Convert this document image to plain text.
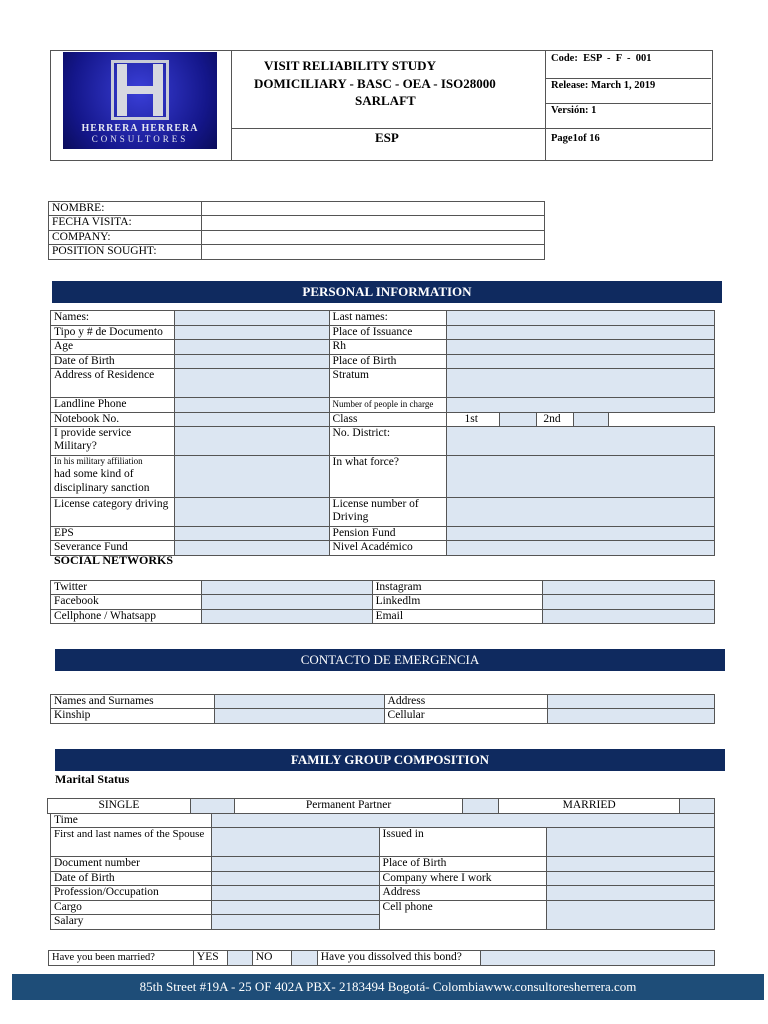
HERRERA HERRERA
CONSULTORES
VISIT RELIABILITY STUDY
DOMICILIARY - BASC - OEA - ISO28000
SARLAFT
ESP
Code:  ESP  -  F  -  001
Release: March 1, 2019
Versión: 1
Page1of 16
NOMBRE:	
FECHA VISITA:	
COMPANY:	
POSITION SOUGHT:	
PERSONAL INFORMATION
Names:		Last names:					
Tipo y # de Documento		Place of Issuance					
Age		Rh					
Date of Birth		Place of Birth					
Address of Residence		Stratum					
Landline Phone		Number of people in charge					
Notebook No.		Class	1st		2nd		
I provide service Military?		No. District:					

In his military affiliation
had some kind of disciplinary sanction		In what force?					
License category driving		License number of Driving					
EPS		Pension Fund					
Severance Fund		Nivel Académico					
SOCIAL NETWORKS
Twitter		Instagram	
Facebook		Linkedlm	
Cellphone / Whatsapp		Email	
CONTACTO DE EMERGENCIA
Names and Surnames		Address	
Kinship		Cellular	
FAMILY GROUP COMPOSITION
Marital Status
SINGLE		Permanent Partner		MARRIED	
Time			
First and last names of the Spouse		Issued in	
Document number		Place of Birth	
Date of Birth		Company where I work	
Profession/Occupation		Address	
Cargo		Cell phone	
Salary			
Have you been married?	YES		NO		Have you dissolved this bond?	
85th Street #19A - 25 OF 402A PBX- 2183494 Bogotá- Colombiawww.consultoresherrera.com
